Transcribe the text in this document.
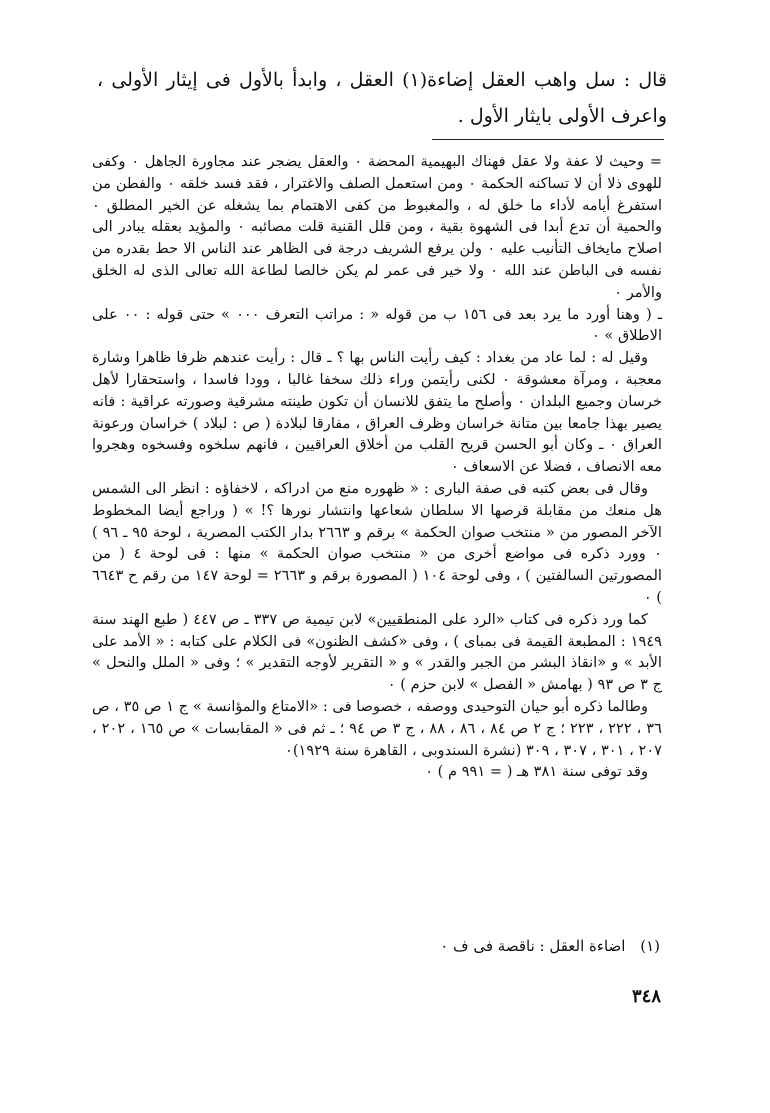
قال : سل واهب العقل إضاءة(١) العقل ، وابدأ بالأول فى إيثار الأولى ، واعرف الأولى بايثار الأول .

= وحيث لا عفة ولا عقل فهناك البهيمية المحضة ٠ والعقل يضجر عند مجاورة الجاهل ٠ وكفى للهوى ذلا أن لا تساكنه الحكمة ٠ ومن استعمل الصلف والاغترار ، فقد فسد خلقه ٠ والفطن من استفرغ أيامه لأداء ما خلق له ، والمغبوط من كفى الاهتمام بما يشغله عن الخير المطلق ٠ والحمية أن تدع أبدا فى الشهوة بقية ، ومن قلل القنية قلت مصائبه ٠ والمؤيد بعقله يبادر الى اصلاح مايخاف التأنيب عليه ٠ ولن يرفع الشريف درجة فى الظاهر عند الناس الا حط بقدره من نفسه فى الباطن عند الله ٠ ولا خير فى عمر لم يكن خالصا لطاعة الله تعالى الذى له الخلق والأمر ٠

ـ ( وهنا أورد ما يرد بعد فى ١٥٦ ب من قوله « : مراتب التعرف ٠٠٠ » حتى قوله : ٠٠ على الاطلاق » ٠

وقيل له : لما عاد من بغداد : كيف رأيت الناس بها ؟ ـ قال : رأيت عندهم ظرفا ظاهرا وشارة معجبة ، ومرآة معشوقة ٠ لكنى رأيتمن وراء ذلك سخفا غالبا ، وودا فاسدا ، واستحقارا لأهل خرسان وجميع البلدان ٠ وأصلح ما يتفق للانسان أن تكون طينته مشرقية وصورته عراقية : فانه يصير بهذا جامعا بين متانة خراسان وظرف العراق ، مفارقا لبلادة ( ص : لبلاد ) خراسان ورعونة العراق ٠ ـ وكان أبو الحسن قريح القلب من أخلاق العراقيين ، فانهم سلخوه وفسخوه وهجروا معه الانصاف ، فضلا عن الاسعاف ٠

وقال فى بعض كتبه فى صفة البارى : « ظهوره منع من ادراكه ، لاخفاؤه : انظر الى الشمس هل منعك من مقابلة قرصها الا سلطان شعاعها وانتشار نورها ؟! » ( وراجع أيضا المخطوط الآخر المصور من « منتخب صوان الحكمة » برقم و ٢٦٦٣ بدار الكتب المصرية ، لوحة ٩٥ ـ ٩٦ ) ٠ وورد ذكره فى مواضع أخرى من « منتخب صوان الحكمة » منها : فى لوحة ٤ ( من المصورتين السالفتين ) ، وفى لوحة ١٠٤ ( المصورة برقم و ٢٦٦٣ = لوحة ١٤٧ من رقم ح ٦٦٤٣ ) ٠

كما ورد ذكره فى كتاب «الرد على المنطقيين» لابن تيمية ص ٣٣٧ ـ ص ٤٤٧ ( طبع الهند سنة ١٩٤٩ : المطبعة القيمة فى بمباى ) ، وفى «كشف الظنون» فى الكلام على كتابه : « الأمد على الأبد » و «انقاذ البشر من الجبر والقدر » و « التقرير لأوجه التقدير » ؛ وفى « الملل والنحل » ج ٣ ص ٩٣ ( بهامش « الفصل » لابن حزم ) ٠

وطالما ذكره أبو حيان التوحيدى ووصفه ، خصوصا فى : «الامتاع والمؤانسة » ج ١ ص ٣٥ ، ص ٣٦ ، ٢٢٢ ، ٢٢٣ ؛ ج ٢ ص ٨٤ ، ٨٦ ، ٨٨ ، ج ٣ ص ٩٤ ؛ ـ ثم فى « المقابسات » ص ١٦٥ ، ٢٠٢ ، ٢٠٧ ، ٣٠١ ، ٣٠٧ ، ٣٠٩ (نشرة السندوبى ، القاهرة سنة ١٩٢٩)٠

وقد توفى سنة ٣٨١ هـ ( = ٩٩١ م ) ٠

(١) اضاءة العقل : ناقصة فى ف ٠
٣٤٨
